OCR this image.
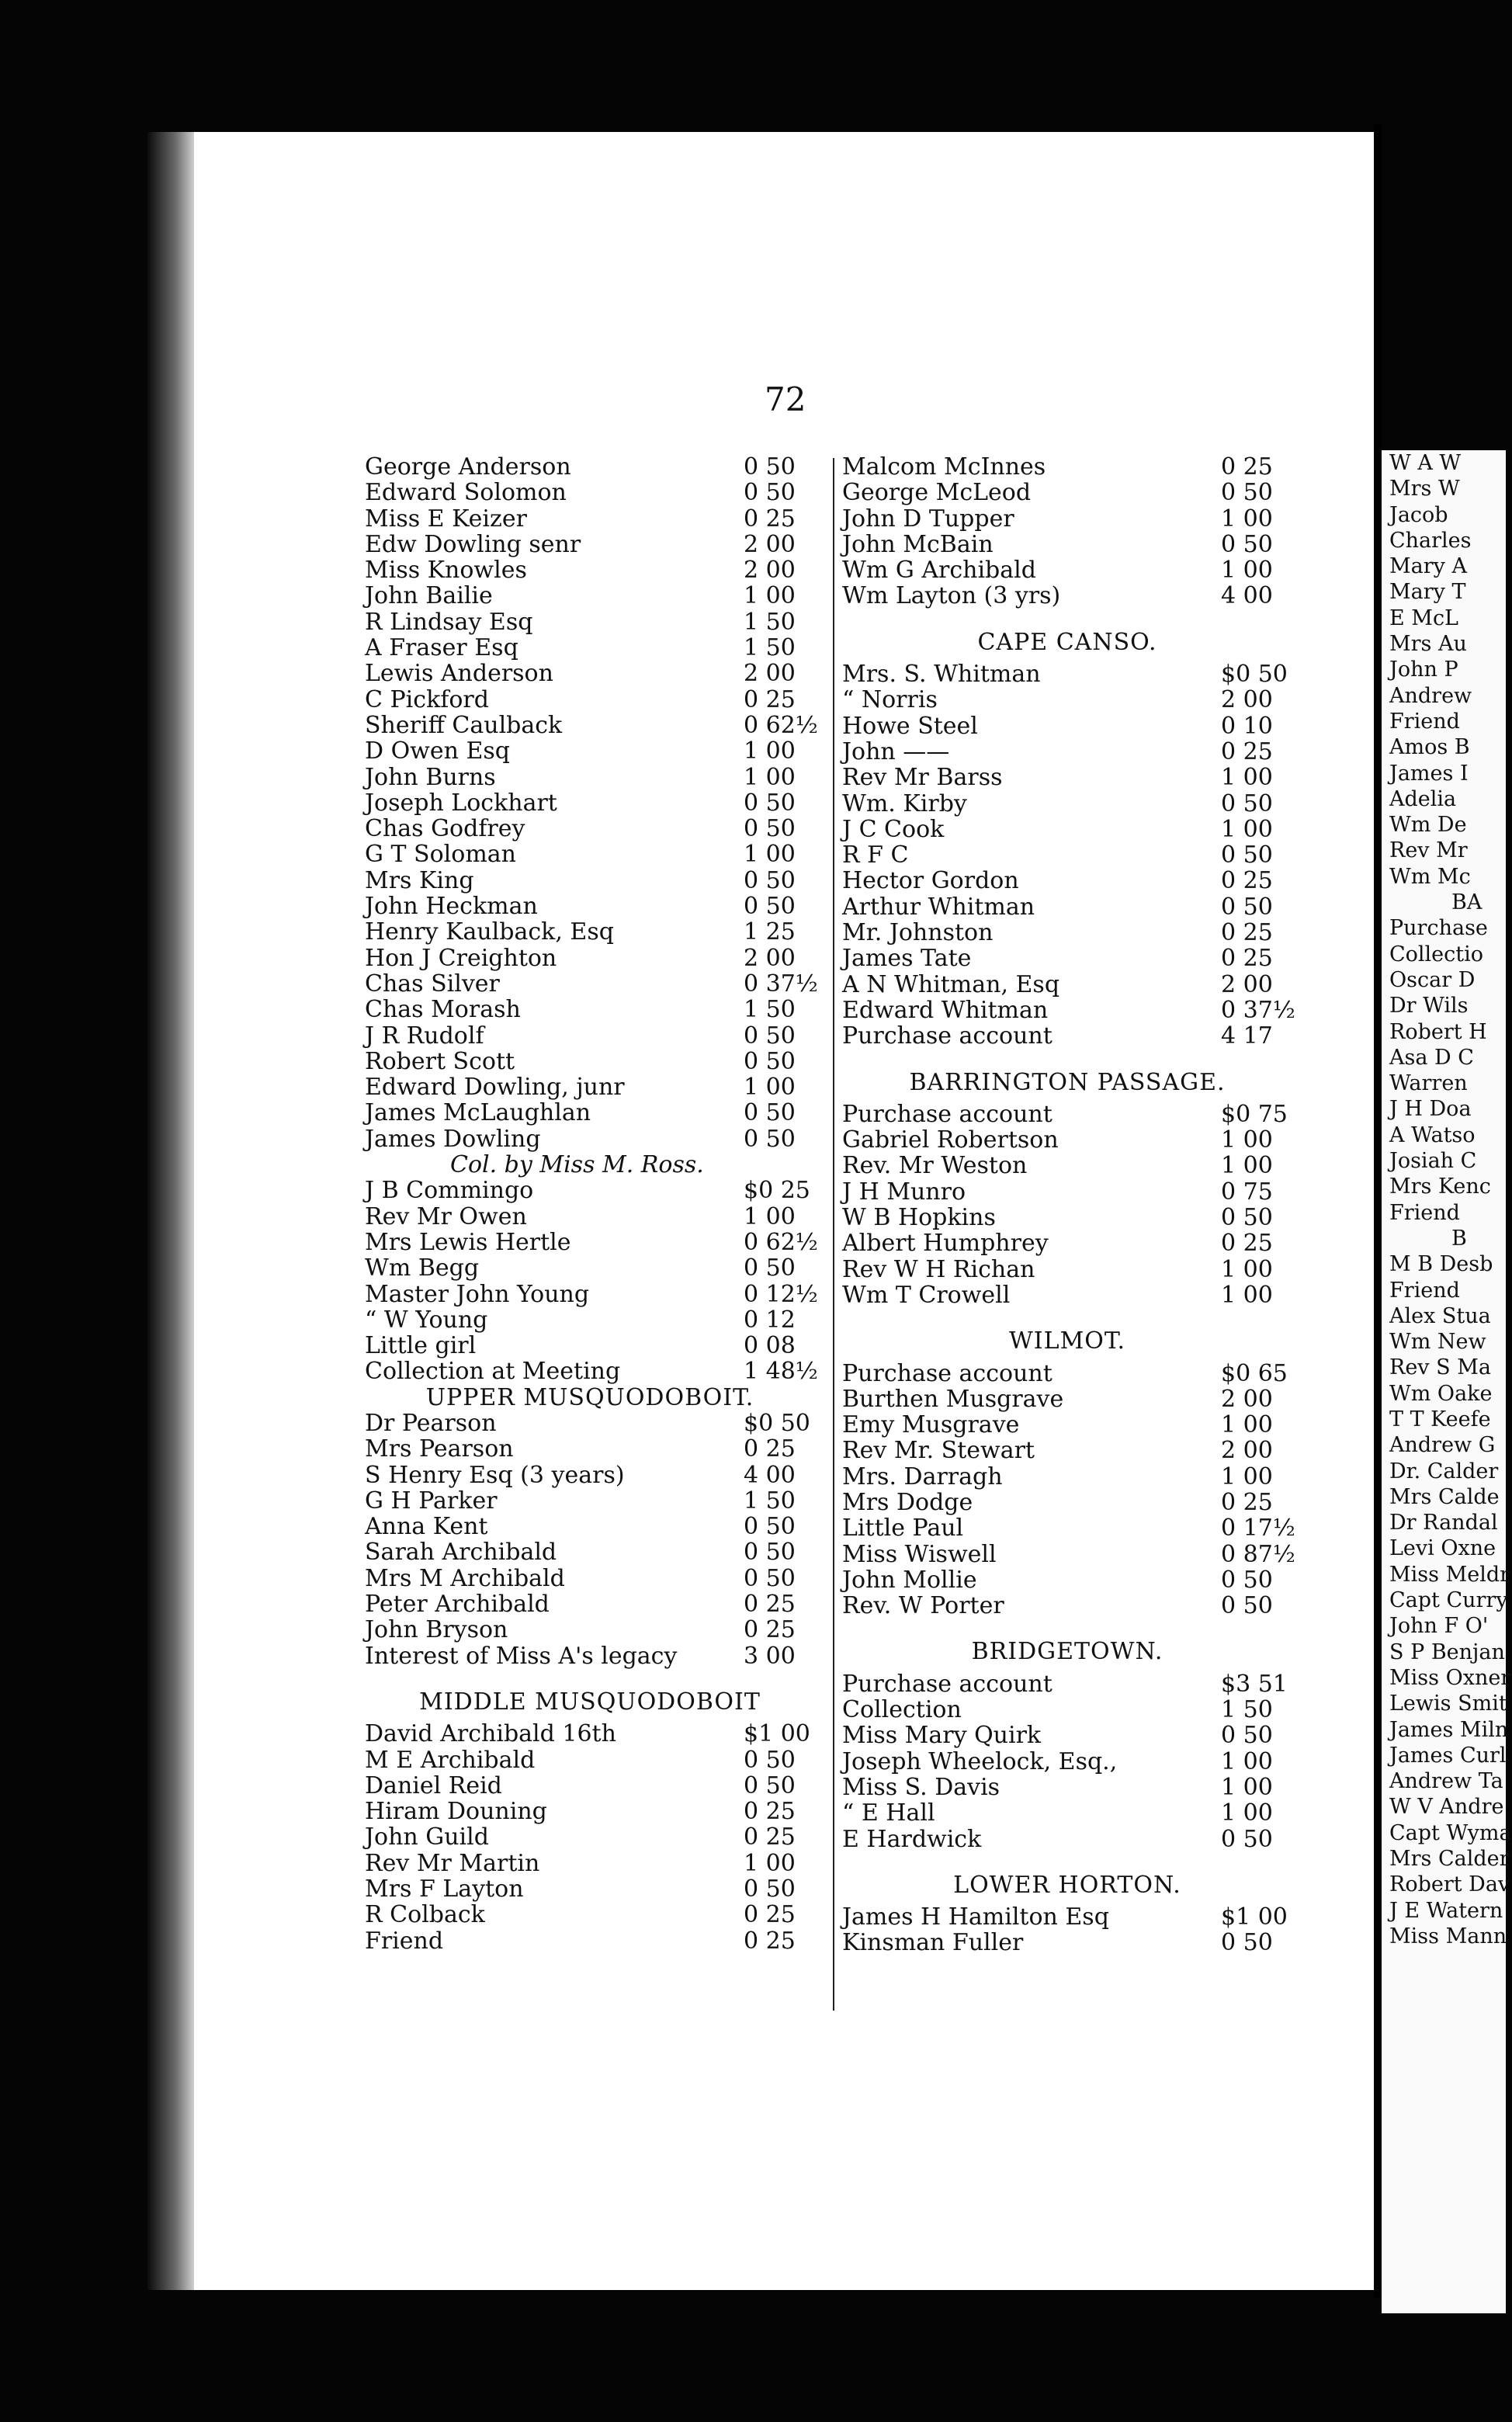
72
George Anderson	0 50
Edward Solomon	0 50
Miss E Keizer	0 25
Edw Dowling senr	2 00
Miss Knowles	2 00
John Bailie	1 00
R Lindsay Esq	1 50
A Fraser Esq	1 50
Lewis Anderson	2 00
C Pickford	0 25
Sheriff Caulback	0 62½
D Owen Esq	1 00
John Burns	1 00
Joseph Lockhart	0 50
Chas Godfrey	0 50
G T Soloman	1 00
Mrs King	0 50
John Heckman	0 50
Henry Kaulback, Esq	1 25
Hon J Creighton	2 00
Chas Silver	0 37½
Chas Morash	1 50
J R Rudolf	0 50
Robert Scott	0 50
Edward Dowling, junr	1 00
James McLaughlan	0 50
James Dowling	0 50
Col. by Miss M. Ross.
J B Commingo	$0 25
Rev Mr Owen	1 00
Mrs Lewis Hertle	0 62½
Wm Begg	0 50
Master John Young	0 12½
“ W Young	0 12
Little girl	0 08
Collection at Meeting	1 48½
UPPER MUSQUODOBOIT.
Dr Pearson	$0 50
Mrs Pearson	0 25
S Henry Esq (3 years)	4 00
G H Parker	1 50
Anna Kent	0 50
Sarah Archibald	0 50
Mrs M Archibald	0 50
Peter Archibald	0 25
John Bryson	0 25
Interest of Miss A's legacy	3 00
MIDDLE MUSQUODOBOIT
David Archibald 16th	$1 00
M E Archibald	0 50
Daniel Reid	0 50
Hiram Douning	0 25
John Guild	0 25
Rev Mr Martin	1 00
Mrs F Layton	0 50
R Colback	0 25
Friend	0 25
Malcom McInnes	0 25
George McLeod	0 50
John D Tupper	1 00
John McBain	0 50
Wm G Archibald	1 00
Wm Layton (3 yrs)	4 00
CAPE CANSO.
Mrs. S. Whitman	$0 50
“ Norris	2 00
Howe Steel	0 10
John ——	0 25
Rev Mr Barss	1 00
Wm. Kirby	0 50
J C Cook	1 00
R F C	0 50
Hector Gordon	0 25
Arthur Whitman	0 50
Mr. Johnston	0 25
James Tate	0 25
A N Whitman, Esq	2 00
Edward Whitman	0 37½
Purchase account	4 17
BARRINGTON PASSAGE.
Purchase account	$0 75
Gabriel Robertson	1 00
Rev. Mr Weston	1 00
J H Munro	0 75
W B Hopkins	0 50
Albert Humphrey	0 25
Rev W H Richan	1 00
Wm T Crowell	1 00
WILMOT.
Purchase account	$0 65
Burthen Musgrave	2 00
Emy Musgrave	1 00
Rev Mr. Stewart	2 00
Mrs. Darragh	1 00
Mrs Dodge	0 25
Little Paul	0 17½
Miss Wiswell	0 87½
John Mollie	0 50
Rev. W Porter	0 50
BRIDGETOWN.
Purchase account	$3 51
Collection	1 50
Miss Mary Quirk	0 50
Joseph Wheelock, Esq.,	1 00
Miss S. Davis	1 00
“ E Hall	1 00
E Hardwick	0 50
LOWER HORTON.
James H Hamilton Esq	$1 00
Kinsman Fuller	0 50
W A W
Mrs W
Jacob
Charles
Mary A
Mary T
E McL
Mrs Au
John P
Andrew
Friend
Amos B
James I
Adelia
Wm De
Rev Mr
Wm Mc
BA
Purchase
Collectio
Oscar D
Dr Wils
Robert H
Asa D C
Warren
J H Doa
A Watso
Josiah C
Mrs Kenc
Friend
B
M B Desb
Friend
Alex Stua
Wm New
Rev S Ma
Wm Oake
T T Keefe
Andrew G
Dr. Calder
Mrs Calde
Dr Randal
Levi Oxne
Miss Meldr
Capt Curry
John F O'
S P Benjan
Miss Oxner
Lewis Smit
James Miln
James Curl
Andrew Ta
W V Andre
Capt Wyma
Mrs Calder
Robert Dav
J E Watern
Miss Mann
